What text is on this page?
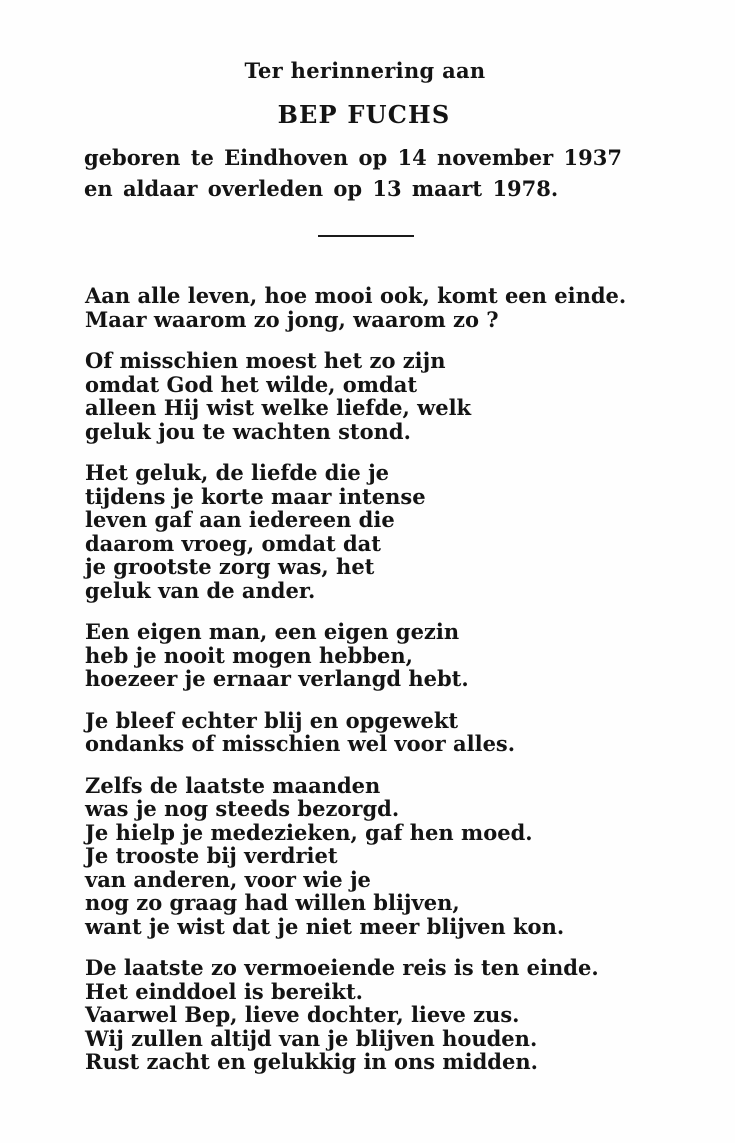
Ter herinnering aan
BEP FUCHS
geboren te Eindhoven op 14 november 1937
en aldaar overleden op 13 maart 1978.
Aan alle leven, hoe mooi ook, komt een einde.
Maar waarom zo jong, waarom zo ?
Of misschien moest het zo zijn
omdat God het wilde, omdat
alleen Hij wist welke liefde, welk
geluk jou te wachten stond.
Het geluk, de liefde die je
tijdens je korte maar intense
leven gaf aan iedereen die
daarom vroeg, omdat dat
je grootste zorg was, het
geluk van de ander.
Een eigen man, een eigen gezin
heb je nooit mogen hebben,
hoezeer je ernaar verlangd hebt.
Je bleef echter blij en opgewekt
ondanks of misschien wel voor alles.
Zelfs de laatste maanden
was je nog steeds bezorgd.
Je hielp je medezieken, gaf hen moed.
Je trooste bij verdriet
van anderen, voor wie je
nog zo graag had willen blijven,
want je wist dat je niet meer blijven kon.
De laatste zo vermoeiende reis is ten einde.
Het einddoel is bereikt.
Vaarwel Bep, lieve dochter, lieve zus.
Wij zullen altijd van je blijven houden.
Rust zacht en gelukkig in ons midden.
